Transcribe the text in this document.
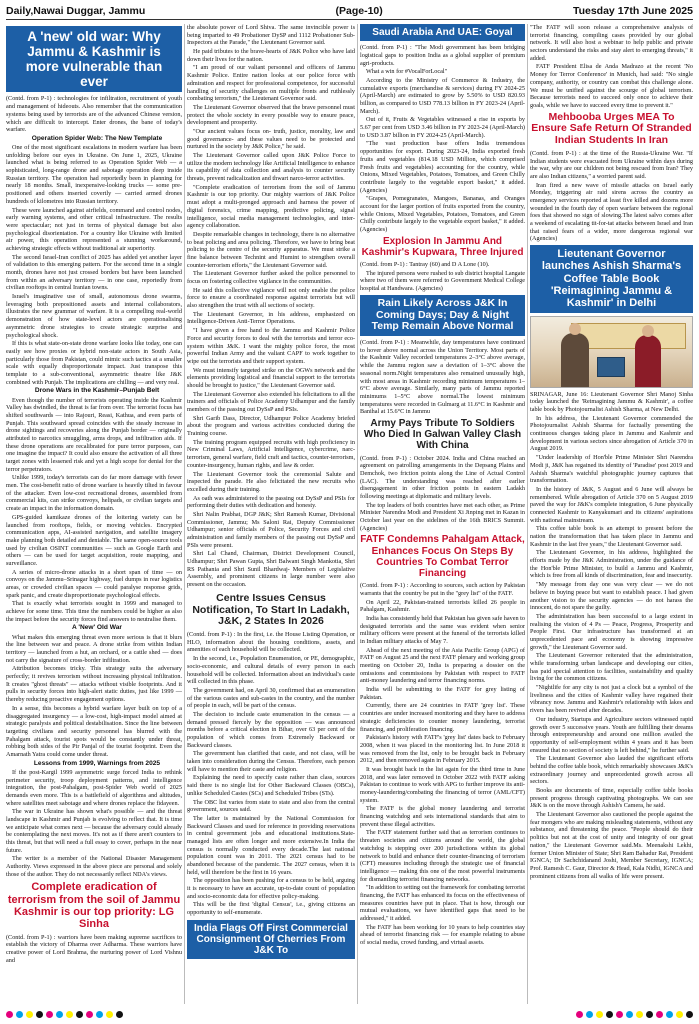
Daily,Nawai Duggar, Jammu	(Page-10)	Tuesday 17th June 2025
A 'new' old war: Why Jammu & Kashmir is more vulnerable than ever

(Contd. from P-1) : technologies for infiltration, recruitment of youth and management of hideouts. Also remember that the communication systems being used by terrorists are of the advanced Chinese version, which are difficult to intercept. Enter drones, the bane of today's warfare.

Operation Spider Web: The New Template

One of the most significant escalations in modern warfare has been unfolding before our eyes in Ukraine. On June 1, 2025, Ukraine launched what is being referred to as Operation Spider Web — a sophisticated, long-range drone and sabotage operation deep inside Russian territory. The operation had reportedly been in planning for nearly 18 months. Small, inexpensive-looking trucks — some pre-positioned and others inserted covertly — carried armed drones hundreds of kilometres into Russian territory.

These were launched against airfields, command and control nodes, early warning systems, and other critical infrastructure. The results were spectacular; not just in terms of physical damage but also psychological disorientation. For a country like Ukraine with limited air power, this operation represented a stunning workaround, achieving strategic effects without traditional air superiority.

The second Israel-Iran conflict of 2025 has added yet another layer of validation to this emerging pattern. For the second time in a single month, drones have not just crossed borders but have been launched from within an adversary territory — in one case, reportedly from civilian rooftops in central Iranian towns.

Israel's imaginative use of small, autonomous drone swarms, leveraging both prepositioned assets and internal collaborators, illustrates the new grammar of warfare. It is a compelling real-world demonstration of how state-level actors are operationalising asymmetric drone strategies to create strategic surprise and psychological shock.

If this is what state-on-state drone warfare looks like today, one can easily see how proxies or hybrid non-state actors in South Asia, particularly those from Pakistan, could mimic such tactics at a smaller scale with equally disproportionate impact. Just transpose this template to a sub-conventional, asymmetric theatre like J&K combined with Punjab. The implications are chilling — and very real.

Drone Wars in the Kashmir–Punjab Belt

Even though the number of terrorists operating inside the Kashmir Valley has dwindled, the threat is far from over. The terrorist focus has shifted southwards — into Rajouri, Reasi, Kathua, and even parts of Punjab. This southward spread coincides with the steady increase in drone sightings and recoveries along the Punjab border — originally attributed to narcotics smuggling, arms drops, and infiltration aids. If these drone operations are recalibrated for pure terror purposes, can one imagine the impact? It could also ensure the activation of all three target zones with lessened risk and yet a high scope for denial for the terror perpetrators.

Unlike 1999, today's terrorists can do far more damage with fewer men. The cost-benefit ratio of drone warfare is heavily tilted in favour of the attacker. Even low-cost recreational drones, assembled from commercial kits, can strike convoys, helipads, or civilian targets and create an impact in the information domain.

GPS-guided kamikaze drones of the loitering variety can be launched from rooftops, fields, or moving vehicles. Encrypted communication apps, AI-assisted navigation, and satellite imagery make planning both detailed and deniable. The same open-source tools used by civilian OSINT communities — such as Google Earth and others — can be used for target acquisition, route mapping, and surveillance.

A series of micro-drone attacks in a short span of time — on convoys on the Jammu–Srinagar highway, fuel dumps in rear logistics areas, or crowded civilian spaces — could paralyse response grids, spark panic, and create disproportionate psychological effects.

That is exactly what terrorists sought in 1999 and managed to achieve for some time. This time the numbers could be higher as also the impact before the security forces find answers to neutralise them.

A 'New' Old War

What makes this emerging threat even more serious is that it blurs the line between war and peace. A drone strike from within Indian territory — launched from a hut, an orchard, or a cattle shed — does not carry the signature of cross-border infiltration.

Attribution becomes tricky. This strategy suits the adversary perfectly; it revives terrorism without increasing physical infiltration. It creates "ghost threats" — attacks without visible footprints. And it pulls in security forces into high-alert static duties, just like 1999 — thereby reducing proactive engagement options.

In a sense, this becomes a hybrid warfare layer built on top of a disaggregated insurgency — a low-cost, high-impact model aimed at strategic paralysis and political destabilisation. Since the line between targeting civilians and security personnel has blurred with the Pahalgam attack, tourist spots would be constantly under threat, robbing both sides of the Pir Panjal of the tourist footprint. Even the Amarnath Yatra could come under threat.

Lessons from 1999, Warnings from 2025

If the post-Kargil 1999 asymmetric surge forced India to rethink perimeter security, troop deployment patterns, and intelligence integration, the post-Pahalgam, post-Spider Web world of 2025 demands even more. This is a battlefield of algorithms and altitudes, where satellites meet sabotage and where drones replace the fidayeen.

The war in Ukraine has shown what's possible — and the threat landscape in Kashmir and Punjab is evolving to reflect that. It is time we anticipate what comes next — because the adversary could already be contemplating the next moves. It's not as if there aren't counters to this threat, but that will need a full essay to cover, perhaps in the near future.

The writer is a member of the National Disaster Management Authority. Views expressed in the above piece are personal and solely those of the author. They do not necessarily reflect NDA's views.

Complete eradication of terrorism from the soil of Jammu Kashmir is our top priority: LG Sinha

(Contd. from P-1) : warriors have been making supreme sacrifices to establish the victory of Dharma over Adharma. These warriors have creative power of Lord Brahma, the nurturing power of Lord Vishnu and

the absolute power of Lord Shiva. The same invincible power is being imparted to 49 Probationer DySP and 1112 Probationer Sub-Inspectors at the Parade," the Lieutenant Governor said.

He paid tributes to the brave-hearts of J&K Police who have laid down their lives for the nation.

"I am proud of our valiant personnel and officers of Jammu Kashmir Police. Entire nation looks at our police force with admiration and respect for professional competence, for successful handling of security challenges on multiple fronts and ruthlessly combating terrorism," the Lieutenant Governor said.

The Lieutenant Governor observed that the brave personnel must protect the whole society in every possible way to ensure peace, development and prosperity.

"Our ancient values focus on- truth, justice, morality, law and good governance- and these values need to be protected and nurtured in the society by J&K Police," he said.

The Lieutenant Governor called upon J&K Police Force to utilize the modern technology like Artificial Intelligence to enhance its capability of data collection and analysis to counter security threats, prevent radicalization and thwart narco-terror activities.

"Complete eradication of terrorism from the soil of Jammu Kashmir is our top priority. Our mighty warriors of J&K Police must adopt a multi-pronged approach and harness the power of digital forensics, crime mapping, predictive policing, signal intelligence, social media management technologies, and inter-agency collaboration.

Despite remarkable changes in technology, there is no alternative to beat policing and area policing. Therefore, we have to bring beat policing to the centre of the security apparatus. We must strike a fine balance between Technint and Humint to strengthen overall counter-terrorism efforts," the Lieutenant Governor said.

The Lieutenant Governor further asked the police personnel to focus on fostering collective vigilance in the communities.

He said this collective vigilance will not only enable the police force to ensure a coordinated response against terrorists but will also strengthen the trust with all sections of society.

The Lieutenant Governor, in his address, emphasized on Intelligence-Driven Anti-Terror Operations.

"I have given a free hand to the Jammu and Kashmir Police Force and security forces to deal with the terrorists and terror eco-system within J&K. I want the mighty police force, the most powerful Indian Army and the valiant CAPF to work together to wipe out the terrorists and their support system.

We must intensify targeted strike on the OGWs network and the elements providing logistical and financial support to the terrorists should be brought to justice," the Lieutenant Governor said.

The Lieutenant Governor also extended his felicitations to all the trainers and officials of Police Academy Udhampur and the family members of the passing out DySsP and PSIs.

Shri Garib Dass, Director, Udhampur Police Academy briefed about the program and various activities conducted during the Training course.

The training program equipped recruits with high proficiency in New Criminal Laws, Artificial Intelligence, cybercrime, narc-terrorism, general warfare, field craft and tactics, counter-terrorism, counter-insurgency, human rights, and law & order.

The Lieutenant Governor took the ceremonial Salute and inspected the parade. He also felicitated the new recruits who excelled during their training.

As oath was administered to the passing out DySsP and PSIs for performing their duties with dedication and honesty.

Shri Nalin Prabhat, DGP J&K; Shri Ramesh Kumar, Divisional Commissioner, Jammu; Ms Saloni Rai, Deputy Commissioner Udhampur; senior officials of Police, Security Forces and civil administration and family members of the passing out DySsP and PSIs were present.

Shri Lal Chand, Chairman, District Development Council, Udhampur; Shri Pawan Gupta, Shri Balwant Singh Mankotia, Shri RS Pathania and Shri Sunil Bhardwaj- Members of Legislative Assembly, and prominent citizens in large number were also present on the occasion.

Centre Issues Census Notification, To Start In Ladakh, J&K, 2 States In 2026

(Contd. from P-1) : In the first, i.e. the House Listing Operation, or HLO, information about the housing conditions, assets, and amenities of each household will be collected.

In the second, i.e., Population Enumeration, or PE, demographic, socio-economic, and cultural details of every person in each household will be collected. Information about an individual's caste will collected in this phase.

The government had, on April 30, confirmed that an enumeration of the various castes and sub-castes in the country, and the number of people in each, will be part of the census.

The decision to include caste enumeration in the census — a demand pressed fiercely by the opposition — was announced months before a critical election in Bihar, over 63 per cent of the population of which comes from Extremely Backward or Backward classes.

The government has clarified that caste, and not class, will be taken into consideration during the Census. Therefore, each person will have to mention their caste and religion.

Explaining the need to specify caste rather than class, sources said there is no single list for Other Backward Classes (OBCs), unlike Scheduled Castes (SCs) and Scheduled Tribes (STs).

The OBC list varies from state to state and also from the central government, sources said.

The latter is maintained by the National Commission for Backward Classes and used for reference in providing reservations in central government jobs and educational institutions.State-managed lists are often longer and more extensive.In India the census is normally conducted every decade.The last national population count was in 2011. The 2021 census had to be abandoned because of the pandemic. The 2027 census, when it is held, will therefore be the first in 16 years.

The opposition has been pushing for a census to be held, arguing it is necessary to have an accurate, up-to-date count of population and socio-economic data for effective policy-making.

This will be the first 'digital Census', i.e., giving citizens an opportunity to self-enumerate.

India Flags Off First Commercial Consignment Of Cherries From J&K To
Saudi Arabia And UAE: Goyal

(Contd. from P-1) : "The Modi government has been bridging logistical gaps to position India as a global supplier of premium agri-products.

What a win for #VocalForLocal"

According to the Ministry of Commerce & Industry, the cumulative exports (merchandise & services) during FY 2024-25 (April-March) are estimated to grow by 5.50% to USD 820.93 billion, as compared to USD 778.13 billion in FY 2023-24 (April-March).

Out of it, Fruits & Vegetables witnessed a rise in exports by 5.67 per cent from USD 3.46 billion in FY 2023-24 (April-March) to USD 3.87 billion in FY 2024-25 (April-March).

"The vast production base offers India tremendous opportunities for export. During 2023-24, India exported fresh fruits and vegetables (814.18 USD Million, which comprised Fresh fruits and vegetables) accounting for the country, while Onions, Mixed Vegetables, Potatoes, Tomatoes, and Green Chilly contribute largely to the vegetable export basket," it added. (Agencies)

"Grapes, Pomegranates, Mangoes, Bananas, and Oranges account for the larger portion of fruits exported from the country, while Onions, Mixed Vegetables, Potatoes, Tomatoes, and Green Chilly contribute largely to the vegetable export basket," it added. (Agencies)

Explosion In Jammu And Kashmir's Kupwara, Three Injured

(Contd. from P-1) : Tantray (60) and D A Lone (10).

The injured persons were rushed to sub district hospital Langate where two of them were referred to Government Medical College hospital at Handwara. (Agencies)

Rain Likely Across J&K In Coming Days; Day & Night Temp Remain Above Normal

(Contd. from P-1) : Meanwhile, day temperatures have continued to hover above normal across the Union Territory. Most parts of the Kashmir Valley recorded temperatures 2–3°C above average, while the Jammu region saw a deviation of 1–3°C above the seasonal norm.Night temperatures also remained unusually high, with most areas in Kashmir recording minimum temperatures 1–6°C above average. Similarly, many parts of Jammu reported minimums 1–5°C above normal.The lowest minimum temperatures were recorded in Gulmarg at 11.6°C in Kashmir and Banihal at 15.6°C in Jammu

Army Pays Tribute To Soldiers Who Died In Galwan Valley Clash With China

(Contd. from P-1) : October 2024. India and China reached an agreement on patrolling arrangements in the Depsang Plains and Demchok, two friction points along the Line of Actual Control (LAC). The understanding was reached after earlier disengagement in other friction points in eastern Ladakh following meetings at diplomatic and military levels.

The top leaders of both countries have met each other, as Prime Minister Narendra Modi and President Xi Jinping met in Kazan in October last year on the sidelines of the 16th BRICS Summit. (Agencies)

FATF Condemns Pahalgam Attack, Enhances Focus On Steps By Countries To Combat Terror Financing

(Contd. from P-1) : According to sources, such action by Pakistan warrants that the country be put in the "grey list" of the FATF.

On April 22, Pakistan-trained terrorists killed 26 people in Pahalgam, Kashmir.

India has consistently held that Pakistan has given safe haven to designated terrorists and the same was evident when senior military officers were present at the funeral of the terrorists killed in Indian military attacks of May 7.

Ahead of the next meeting of the Asia Pacific Group (APG) of FATF on August 25 and the next FATF plenary and working group meeting on October 20, India is preparing a dossier on the omissions and commissions by Pakistan with respect to FATF anti-money laundering and terror financing norms.

India will be submitting to the FATF for grey listing of Pakistan.

Currently, there are 24 countries in FATF 'grey list'. These countries are under increased monitoring and they have to address strategic deficiencies to counter money laundering, terrorist financing, and proliferation financing.

Pakistan's history with FATF's 'grey list' dates back to February 2008, when it was placed in the monitoring list. In June 2018 it was removed from the list, only to be brought back in February 2012, and then removed again in February 2015.

It was brought back in the list again for the third time in June 2018, and was later removed in October 2022 with FATF asking Pakistan to continue to work with APG to further improve its anti-money-laundering/combating the financing of terror (AML/CFT) system.

The FATF is the global money laundering and terrorist financing watchdog and sets international standards that aim to prevent these illegal activities.

The FATF statement further said that as terrorism continues to threaten societies and citizens around the world, the global watchdog is stepping over 200 jurisdictions within its global network to build and enhance their counter-financing of terrorism (CFT) measures including through the strategic use of financial intelligence — making this one of the most powerful instruments for dismantling terrorist financing networks.

"In addition to setting out the framework for combating terrorist financing, the FATF has enhanced its focus on the effectiveness of measures countries have put in place. That is how, through our mutual evaluations, we have identified gaps that need to be addressed," it added.

The FATF has been working for 10 years to help countries stay ahead of terrorist financing risk — for example relating to abuse of social media, crowd funding, and virtual assets.

"The FATF will soon release a comprehensive analysis of terrorist financing, compiling cases provided by our global network. It will also host a webinar to help public and private sectors understand the risks and stay alert to emerging threats," it added.

FATF President Elisa de Anda Madrazo at the recent 'No Money for Terror Conference' in Munich, had said: "No single company, authority, or country can combat this challenge alone. We must be unified against the scourge of global terrorism. Because terrorists need to succeed only once to achieve their goals, while we have to succeed every time to prevent it."

Mehbooba Urges MEA To Ensure Safe Return Of Stranded Indian Students In Iran

(Contd. from P-1) : at the time of the Russia-Ukraine War. "If Indian students were evacuated from Ukraine within days during the war, why are our children not being rescued from Iran? They are also Indian citizens," a worried parent said.

Iran fired a new wave of missile attacks on Israel early Monday, triggering air raid sirens across the country as emergency services reported at least five killed and dozens more wounded in the fourth day of open warfare between the regional foes that showed no sign of slowing.The latest salvo comes after a weekend of escalating tit-for-tat attacks between Israel and Iran that raised fears of a wider, more dangerous regional war (Agencies)

Lieutenant Governor launches Ashish Sharma's Coffee Table Book 'Reimagining Jammu & Kashmir' in Delhi

SRINAGAR, June 16: Lieutenant Governor Shri Manoj Sinha today launched the 'Reimagining Jammu & Kashmir', a coffee table book by Photojournalist Ashish Sharma, at New Delhi.

In his address, the Lieutenant Governor commended the Photojournalist Ashish Sharma for factually presenting the continuous changes taking place in Jammu and Kashmir and development in various sectors since abrogation of Article 370 in August 2019.

"Under leadership of Hon'ble Prime Minister Shri Narendra Modi ji, J&K has regained its identity of 'Paradise' post 2019 and Ashish Sharma's watchful photographic journey captures that transformation.

In the history of J&K, 5 August and 6 June will always be remembered. While abrogation of Article 370 on 5 August 2019 paved the way for J&K's complete integration, 6 June physically connected Kashmir to Kanyakumari and its citizens' aspirations with national mainstream.

This coffee table book is an attempt to present before the nation the transformation that has taken place in Jammu and Kashmir in the last five years," the Lieutenant Governor said.

The Lieutenant Governor, in his address, highlighted the efforts made by the J&K Administration, under the guidance of the Hon'ble Prime Minister, to build a Jammu and Kashmir, which is free from all kinds of discrimination, fear and insecurity.

"My message from day one was very clear — we do not believe in buying peace but want to establish peace. I had given another vision to the security agencies — do not harass the innocent, do not spare the guilty.

The administration has been successful to a large extent in realising the vision of 4 Ps — Peace, Progress, Prosperity and People First. Our infrastructure has transformed at an unprecedented pace and economy is showing impressive growth," the Lieutenant Governor said.

The Lieutenant Governor reiterated that the administration, while transforming urban landscape and developing our cities, has paid special attention to facilities, sustainability and quality living for the common citizens.

"Nightlife for any city is not just a clock but a symbol of the liveliness and the cities of Kashmir valley have regained their vibrancy now. Jammu and Kashmir's relationship with lakes and rivers has been revived after decades.

Our industry, Startups and Agriculture sectors witnessed rapid growth over 5 successive years. Youth are fulfilling their dreams through entrepreneurship and around one million availed the opportunity of self-employment within 4 years and it has been ensured that no section of society is left behind," he further said.

The Lieutenant Governor also lauded the significant efforts behind the coffee table book, which remarkably showcases J&K's extraordinary journey and unprecedented growth across all sectors.

Books are documents of time, especially coffee table books present progress through captivating photographs. We can see J&K is on the move through Ashish's Camera, he said.

The Lieutenant Governor also cautioned the people against the fear mongers who are making misleading statements, without any substance, and threatening the peace. "People should do their politics but not at the cost of unity and integrity of our great nation," the Lieutenant Governor said.Ms. Meenakshi Lekhi, former Union Minister of State; Shri Ram Bahadur Rai, President IGNCA; Dr Sachchidanand Joshi, Member Secretary, IGNCA; Prof. Ramesh C. Gaur, Director & Head, Kala Nidhi, IGNCA and prominent citizens from all walks of life were present.
